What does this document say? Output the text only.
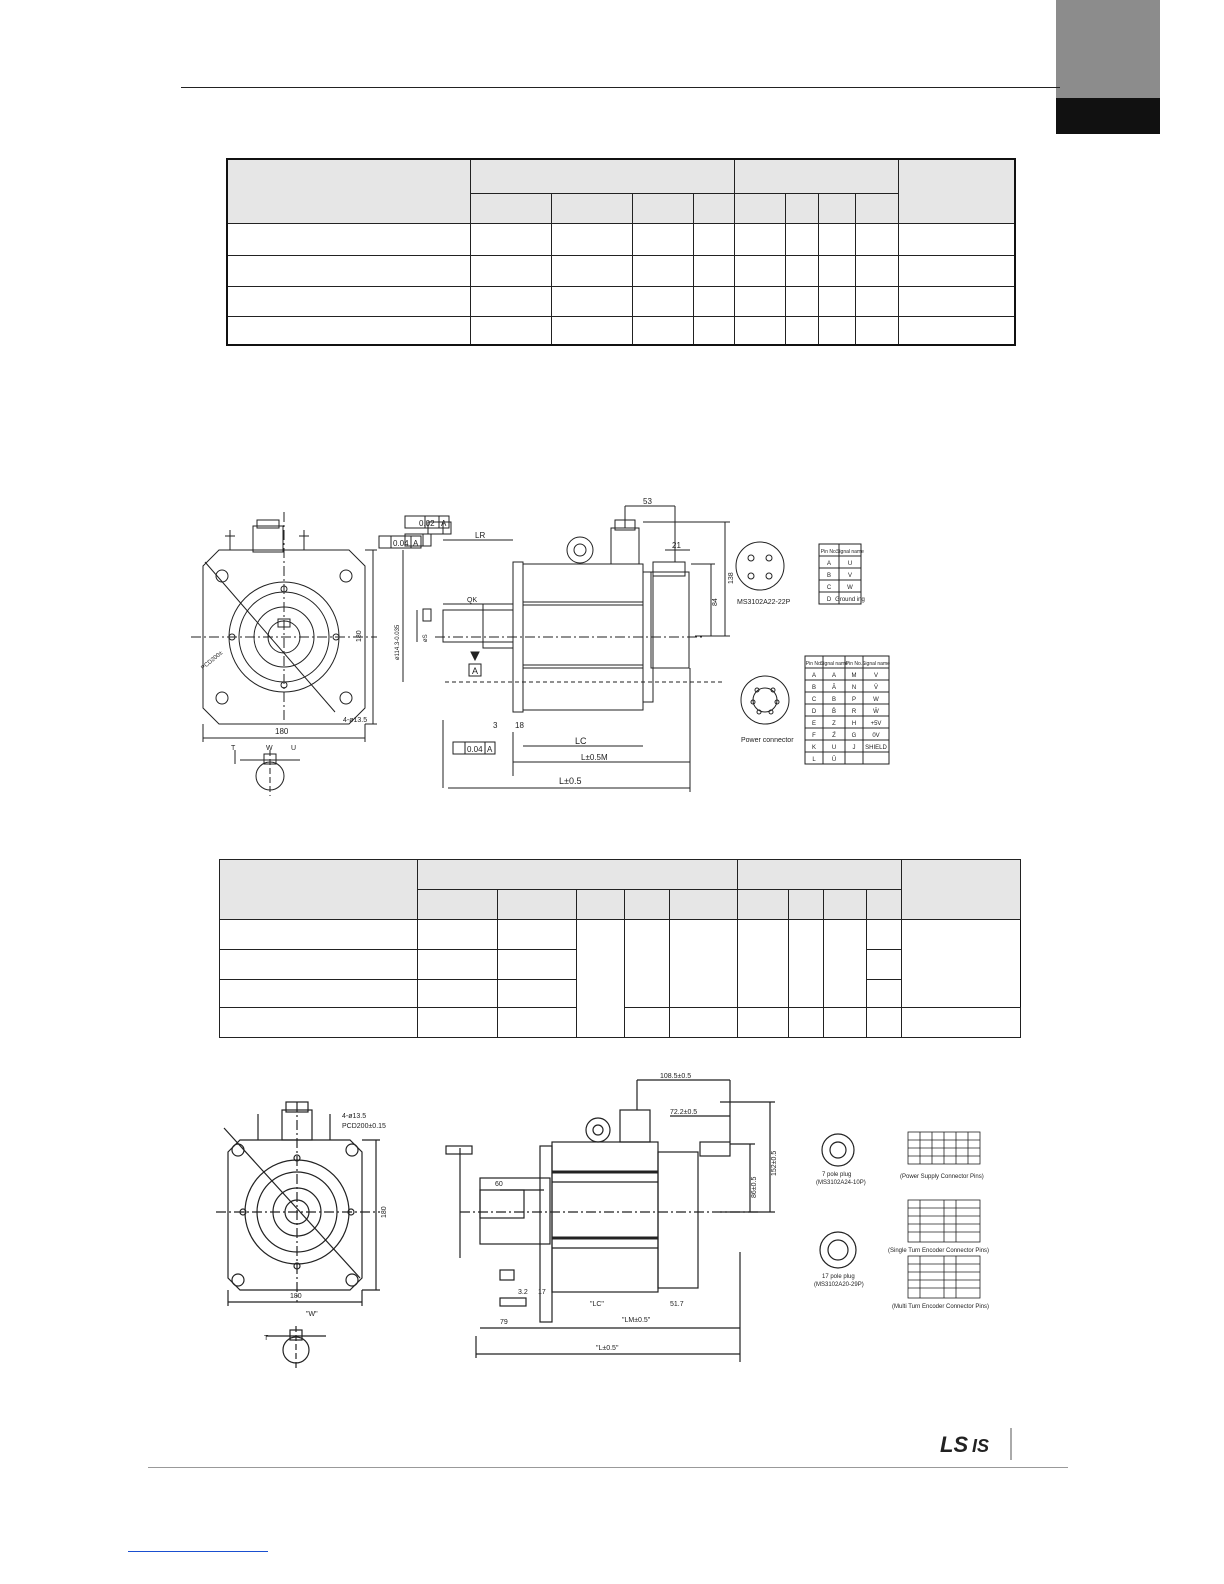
0.02 A
0.04 A
0.04 A
A
53
21
138
84
LR
QK
3 18
LC
L±0.5M
L±0.5
180
180
4-ø13.5
PCD200±
W
T	U
ø114.3-0.035	øS
MS3102A22-22P
Power connector
Pin No.
Signal name
A	U
B	V
C	W
D Ground ing
Pin No.
Signal name
Pin No. Signal name
A	A	M	V
B	Ā	N	V̄
C	B	P	W
D	B̄	R	W̄
E	Z	H +5V
F	Z̄	G	0V
K	U	J SHIELD
L	Ū

108.5±0.5
72.2±0.5
152±0.5
86±0.5
60
3.2 17
79
51.7
"LC"
"LM±0.5"
"L±0.5"
180
180
4-ø13.5
PCD200±0.15
"W"
T
7 pole plug
(MS3102A24-10P)
17 pole plug
(MS3102A20-29P)
(Power Supply Connector Pins)
(Single Turn Encoder Connector Pins)
(Multi Turn Encoder Connector Pins)
LS IS
